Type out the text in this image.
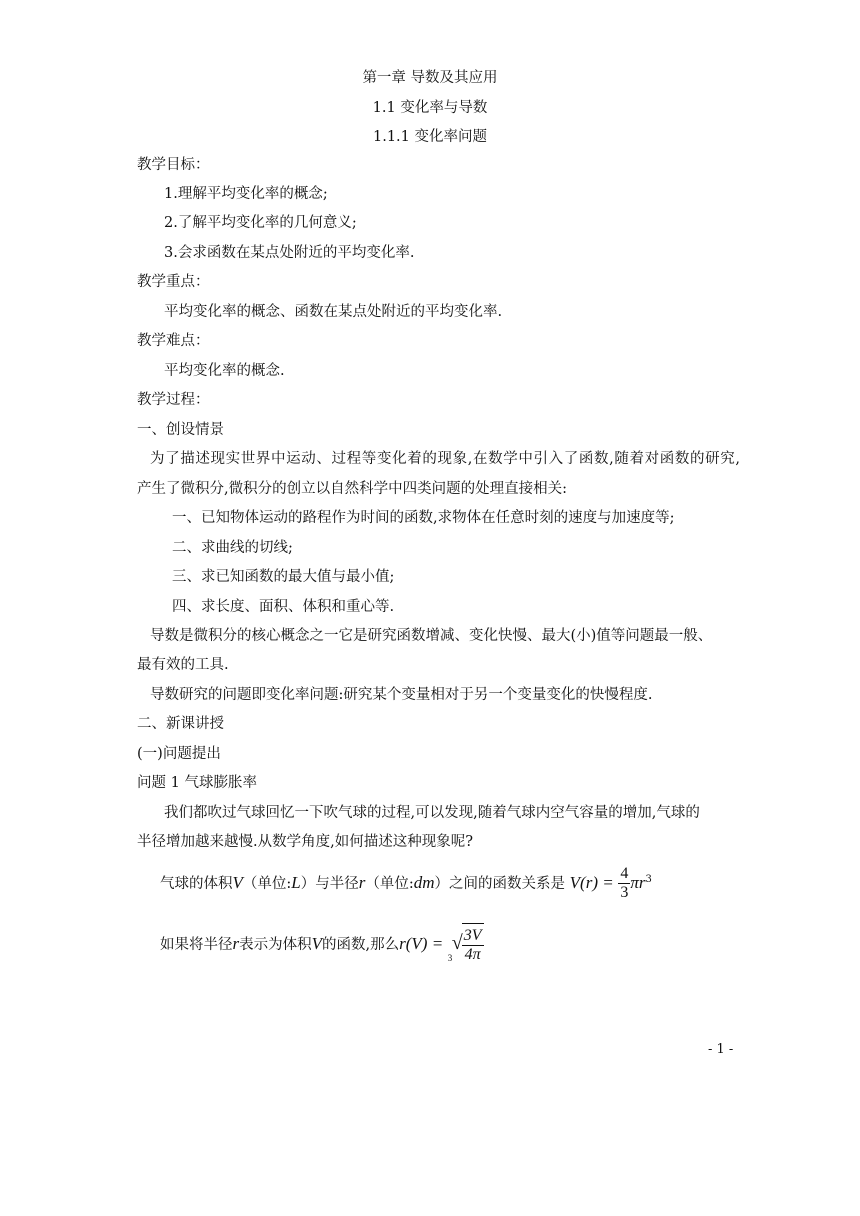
第一章 导数及其应用
1.1 变化率与导数
1.1.1 变化率问题
教学目标：
1.理解平均变化率的概念;
2.了解平均变化率的几何意义;
3.会求函数在某点处附近的平均变化率.
教学重点：
平均变化率的概念、函数在某点处附近的平均变化率.
教学难点：
平均变化率的概念.
教学过程：
一、创设情景
为了描述现实世界中运动、过程等变化着的现象,在数学中引入了函数,随着对函数的研究,
产生了微积分,微积分的创立以自然科学中四类问题的处理直接相关:
一、已知物体运动的路程作为时间的函数,求物体在任意时刻的速度与加速度等;
二、求曲线的切线;
三、求已知函数的最大值与最小值;
四、求长度、面积、体积和重心等.
导数是微积分的核心概念之一它是研究函数增减、变化快慢、最大(小)值等问题最一般、
最有效的工具.
导数研究的问题即变化率问题:研究某个变量相对于另一个变量变化的快慢程度.
二、新课讲授
(一)问题提出
问题 1 气球膨胀率
我们都吹过气球回忆一下吹气球的过程,可以发现,随着气球内空气容量的增加,气球的
半径增加越来越慢.从数学角度,如何描述这种现象呢?
气球的体积V（单位:L）与半径r（单位:dm）之间的函数关系是 $V(r) = \frac{4}{3} \pi r^3$
如果将半径r表示为体积V的函数,那么r(V) =
3
√ $\frac{3V}{4\pi}$
- 1 -
